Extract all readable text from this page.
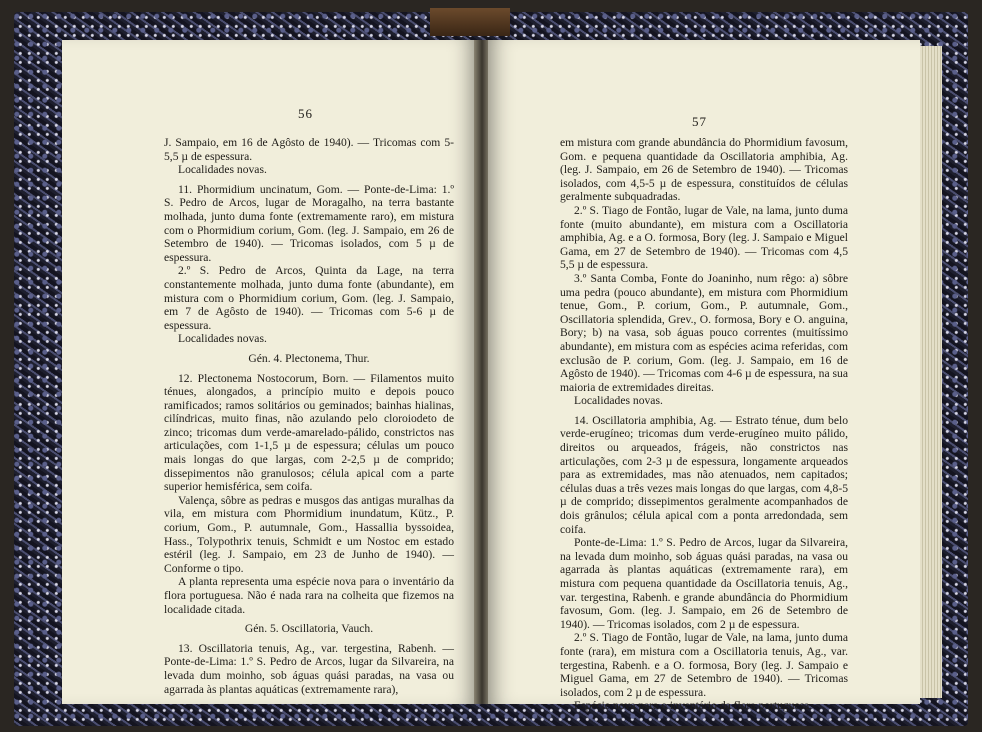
56

J. Sampaio, em 16 de Agôsto de 1940). — Tricomas com 5-5,5 µ de espessura.

Localidades novas.

11. Phormidium uncinatum, Gom. — Ponte-de-Lima: 1.º S. Pedro de Arcos, lugar de Moragalho, na terra bastante molhada, junto duma fonte (extremamente raro), em mistura com o Phormidium corium, Gom. (leg. J. Sampaio, em 26 de Setembro de 1940). — Tricomas isolados, com 5 µ de espessura.

2.º S. Pedro de Arcos, Quinta da Lage, na terra constantemente molhada, junto duma fonte (abundante), em mistura com o Phormidium corium, Gom. (leg. J. Sampaio, em 7 de Agôsto de 1940). — Tricomas com 5-6 µ de espessura.

Localidades novas.

Gén. 4. Plectonema, Thur.

12. Plectonema Nostocorum, Born. — Filamentos muito ténues, alongados, a princípio muito e depois pouco ramificados; ramos solitários ou geminados; bainhas hialinas, cilíndricas, muito finas, não azulando pelo cloroiodeto de zinco; tricomas dum verde-amarelado-pálido, constrictos nas articulações, com 1-1,5 µ de espessura; células um pouco mais longas do que largas, com 2-2,5 µ de comprido; dissepimentos não granulosos; célula apical com a parte superior hemisférica, sem coifa.

Valença, sôbre as pedras e musgos das antigas muralhas da vila, em mistura com Phormidium inundatum, Kütz., P. corium, Gom., P. autumnale, Gom., Hassallia byssoidea, Hass., Tolypothrix tenuis, Schmidt e um Nostoc em estado estéril (leg. J. Sampaio, em 23 de Junho de 1940). — Conforme o tipo.

A planta representa uma espécie nova para o inventário da flora portuguesa. Não é nada rara na colheita que fizemos na localidade citada.

Gén. 5. Oscillatoria, Vauch.

13. Oscillatoria tenuis, Ag., var. tergestina, Rabenh. — Ponte-de-Lima: 1.º S. Pedro de Arcos, lugar da Silvareira, na levada dum moinho, sob águas quási paradas, na vasa ou agarrada às plantas aquáticas (extremamente rara),

57

em mistura com grande abundância do Phormidium favosum, Gom. e pequena quantidade da Oscillatoria amphibia, Ag. (leg. J. Sampaio, em 26 de Setembro de 1940). — Tricomas isolados, com 4,5-5 µ de espessura, constituídos de células geralmente subquadradas.

2.º S. Tiago de Fontão, lugar de Vale, na lama, junto duma fonte (muito abundante), em mistura com a Oscillatoria amphibia, Ag. e a O. formosa, Bory (leg. J. Sampaio e Miguel Gama, em 27 de Setembro de 1940). — Tricomas com 4,5 5,5 µ de espessura.

3.º Santa Comba, Fonte do Joaninho, num rêgo: a) sôbre uma pedra (pouco abundante), em mistura com Phormidium tenue, Gom., P. corium, Gom., P. autumnale, Gom., Oscillatoria splendida, Grev., O. formosa, Bory e O. anguina, Bory; b) na vasa, sob águas pouco correntes (muitíssimo abundante), em mistura com as espécies acima referidas, com exclusão de P. corium, Gom. (leg. J. Sampaio, em 16 de Agôsto de 1940). — Tricomas com 4-6 µ de espessura, na sua maioria de extremidades direitas.

Localidades novas.

14. Oscillatoria amphibia, Ag. — Estrato ténue, dum belo verde-erugíneo; tricomas dum verde-erugíneo muito pálido, direitos ou arqueados, frágeis, não constrictos nas articulações, com 2-3 µ de espessura, longamente arqueados para as extremidades, mas não atenuados, nem capitados; células duas a três vezes mais longas do que largas, com 4,8-5 µ de comprido; dissepimentos geralmente acompanhados de dois grânulos; célula apical com a ponta arredondada, sem coifa.

Ponte-de-Lima: 1.º S. Pedro de Arcos, lugar da Silvareira, na levada dum moinho, sob águas quási paradas, na vasa ou agarrada às plantas aquáticas (extremamente rara), em mistura com pequena quantidade da Oscillatoria tenuis, Ag., var. tergestina, Rabenh. e grande abundância do Phormidium favosum, Gom. (leg. J. Sampaio, em 26 de Setembro de 1940). — Tricomas isolados, com 2 µ de espessura.

2.º S. Tiago de Fontão, lugar de Vale, na lama, junto duma fonte (rara), em mistura com a Oscillatoria tenuis, Ag., var. tergestina, Rabenh. e a O. formosa, Bory (leg. J. Sampaio e Miguel Gama, em 27 de Setembro de 1940). — Tricomas isolados, com 2 µ de espessura.

Espécie nova para o inventário da flora portuguesa.
